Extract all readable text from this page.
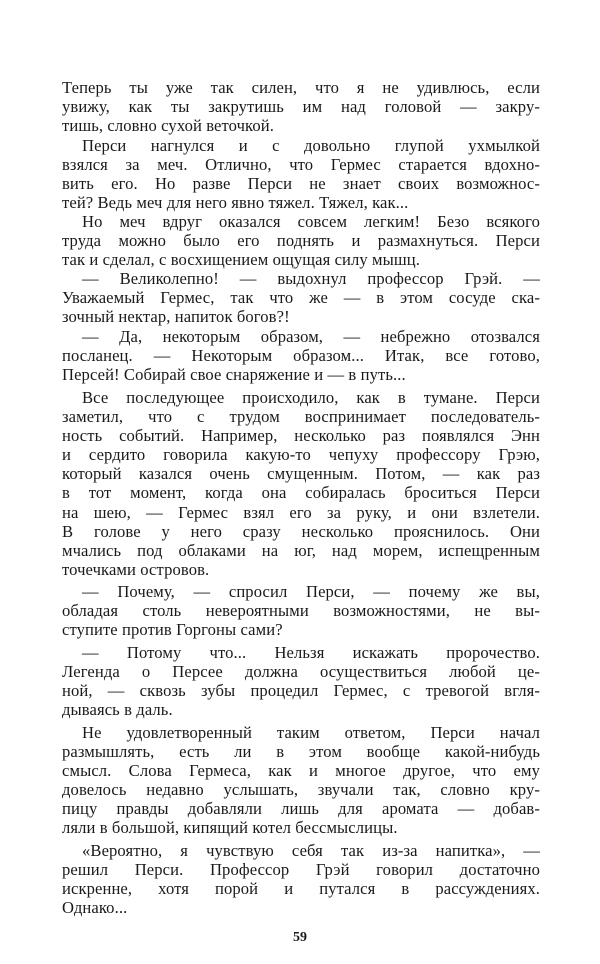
Теперь ты уже так силен, что я не удивлюсь, если
увижу, как ты закрутишь им над головой — закру-
тишь, словно сухой веточкой.
Перси нагнулся и с довольно глупой ухмылкой
взялся за меч. Отлично, что Гермес старается вдохно-
вить его. Но разве Перси не знает своих возможнос-
тей? Ведь меч для него явно тяжел. Тяжел, как...
Но меч вдруг оказался совсем легким! Безо всякого
труда можно было его поднять и размахнуться. Перси
так и сделал, с восхищением ощущая силу мышц.
— Великолепно! — выдохнул профессор Грэй. —
Уважаемый Гермес, так что же — в этом сосуде ска-
зочный нектар, напиток богов?!
— Да, некоторым образом, — небрежно отозвался
посланец. — Некоторым образом... Итак, все готово,
Персей! Собирай свое снаряжение и — в путь...
Все последующее происходило, как в тумане. Перси
заметил, что с трудом воспринимает последователь-
ность событий. Например, несколько раз появлялся Энн
и сердито говорила какую-то чепуху профессору Грэю,
который казался очень смущенным. Потом, — как раз
в тот момент, когда она собиралась броситься Перси
на шею, — Гермес взял его за руку, и они взлетели.
В голове у него сразу несколько прояснилось. Они
мчались под облаками на юг, над морем, испещренным
точечками островов.
— Почему, — спросил Перси, — почему же вы,
обладая столь невероятными возможностями, не вы-
ступите против Горгоны сами?
— Потому что... Нельзя искажать пророчество.
Легенда о Персее должна осуществиться любой це-
ной, — сквозь зубы процедил Гермес, с тревогой вгля-
дываясь в даль.
Не удовлетворенный таким ответом, Перси начал
размышлять, есть ли в этом вообще какой-нибудь
смысл. Слова Гермеса, как и многое другое, что ему
довелось недавно услышать, звучали так, словно кру-
пицу правды добавляли лишь для аромата — добав-
ляли в большой, кипящий котел бессмыслицы.
«Вероятно, я чувствую себя так из-за напитка», —
решил Перси. Профессор Грэй говорил достаточно
искренне, хотя порой и путался в рассуждениях.
Однако...
59
